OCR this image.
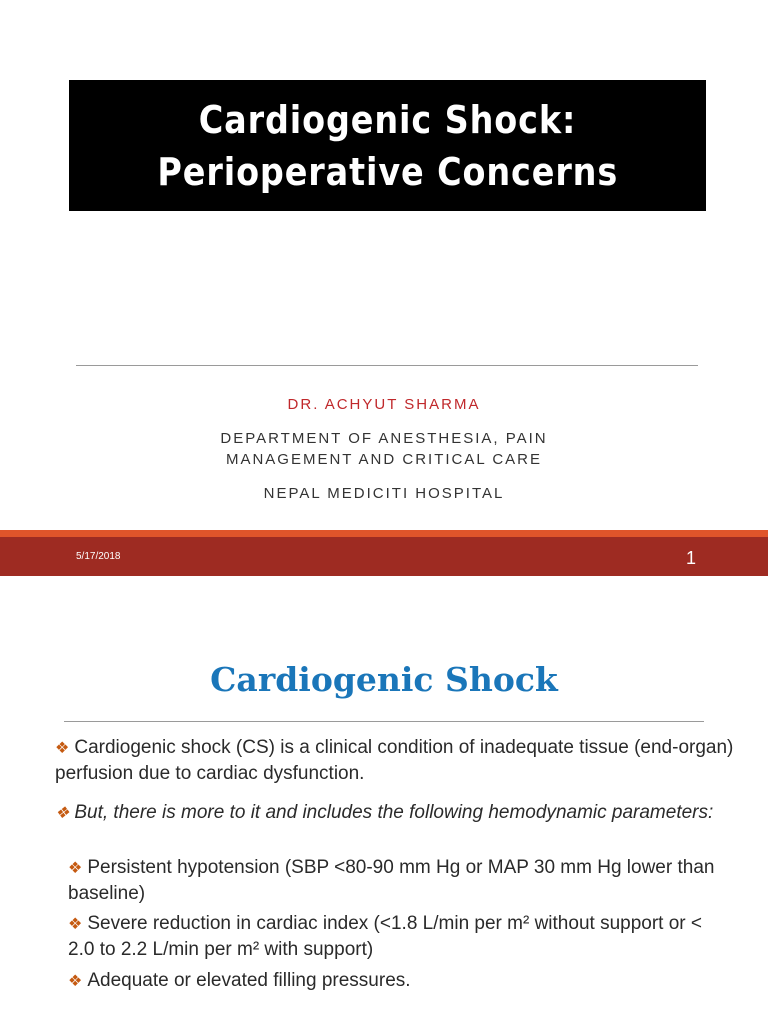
Cardiogenic Shock:
Perioperative Concerns
DR. ACHYUT SHARMA
DEPARTMENT OF ANESTHESIA, PAIN
MANAGEMENT AND CRITICAL CARE
NEPAL MEDICITI HOSPITAL
5/17/2018	1
Cardiogenic Shock
❖ Cardiogenic shock (CS) is a clinical condition of inadequate tissue (end-organ) perfusion due to cardiac dysfunction.
❖ But, there is more to it and includes the following hemodynamic parameters:
❖ Persistent hypotension (SBP <80-90 mm Hg or MAP 30 mm Hg lower than baseline)
❖ Severe reduction in cardiac index (<1.8 L/min per m² without support or < 2.0 to 2.2 L/min per m² with support)
❖ Adequate or elevated filling pressures.
